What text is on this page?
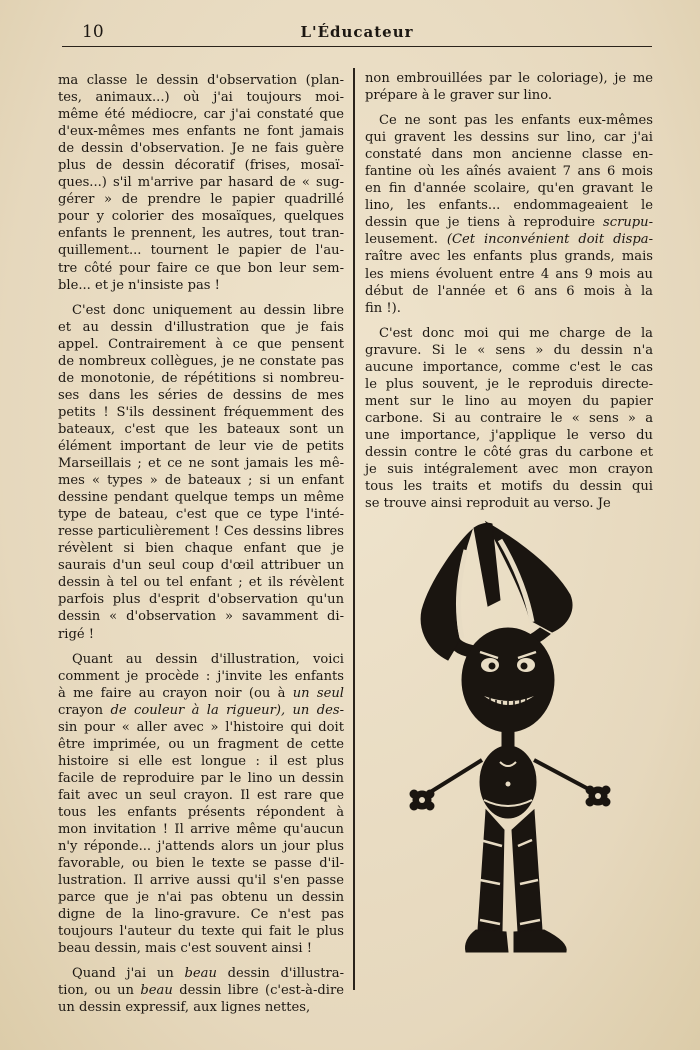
10	L'Éducateur
ma classe le dessin d'observation (plan-
tes, animaux...) où j'ai toujours moi-
même été médiocre, car j'ai constaté que
d'eux-mêmes mes enfants ne font jamais
de dessin d'observation. Je ne fais guère
plus de dessin décoratif (frises, mosaï-
ques...) s'il m'arrive par hasard de « sug-
gérer » de prendre le papier quadrillé
pour y colorier des mosaïques, quelques
enfants le prennent, les autres, tout tran-
quillement... tournent le papier de l'au-
tre côté pour faire ce que bon leur sem-
ble... et je n'insiste pas !
C'est donc uniquement au dessin libre
et au dessin d'illustration que je fais
appel. Contrairement à ce que pensent
de nombreux collègues, je ne constate pas
de monotonie, de répétitions si nombreu-
ses dans les séries de dessins de mes
petits ! S'ils dessinent fréquemment des
bateaux, c'est que les bateaux sont un
élément important de leur vie de petits
Marseillais ; et ce ne sont jamais les mê-
mes « types » de bateaux ; si un enfant
dessine pendant quelque temps un même
type de bateau, c'est que ce type l'inté-
resse particulièrement ! Ces dessins libres
révèlent si bien chaque enfant que je
saurais d'un seul coup d'œil attribuer un
dessin à tel ou tel enfant ; et ils révèlent
parfois plus d'esprit d'observation qu'un
dessin « d'observation » savamment di-
rigé !
Quant au dessin d'illustration, voici
comment je procède : j'invite les enfants
à me faire au crayon noir (ou à un seul
crayon de couleur à la rigueur), un des-
sin pour « aller avec » l'histoire qui doit
être imprimée, ou un fragment de cette
histoire si elle est longue : il est plus
facile de reproduire par le lino un dessin
fait avec un seul crayon. Il est rare que
tous les enfants présents répondent à
mon invitation ! Il arrive même qu'aucun
n'y réponde... j'attends alors un jour plus
favorable, ou bien le texte se passe d'il-
lustration. Il arrive aussi qu'il s'en passe
parce que je n'ai pas obtenu un dessin
digne de la lino-gravure. Ce n'est pas
toujours l'auteur du texte qui fait le plus
beau dessin, mais c'est souvent ainsi !
Quand j'ai un beau dessin d'illustra-
tion, ou un beau dessin libre (c'est-à-dire
un dessin expressif, aux lignes nettes,
non embrouillées par le coloriage), je me
prépare à le graver sur lino.
Ce ne sont pas les enfants eux-mêmes
qui gravent les dessins sur lino, car j'ai
constaté dans mon ancienne classe en-
fantine où les aînés avaient 7 ans 6 mois
en fin d'année scolaire, qu'en gravant le
lino, les enfants... endommageaient le
dessin que je tiens à reproduire scrupu-
leusement. (Cet inconvénient doit dispa-
raître avec les enfants plus grands, mais
les miens évoluent entre 4 ans 9 mois au
début de l'année et 6 ans 6 mois à la
fin !).
C'est donc moi qui me charge de la
gravure. Si le « sens » du dessin n'a
aucune importance, comme c'est le cas
le plus souvent, je le reproduis directe-
ment sur le lino au moyen du papier
carbone. Si au contraire le « sens » a
une importance, j'applique le verso du
dessin contre le côté gras du carbone et
je suis intégralement avec mon crayon
tous les traits et motifs du dessin qui
se trouve ainsi reproduit au verso. Je
